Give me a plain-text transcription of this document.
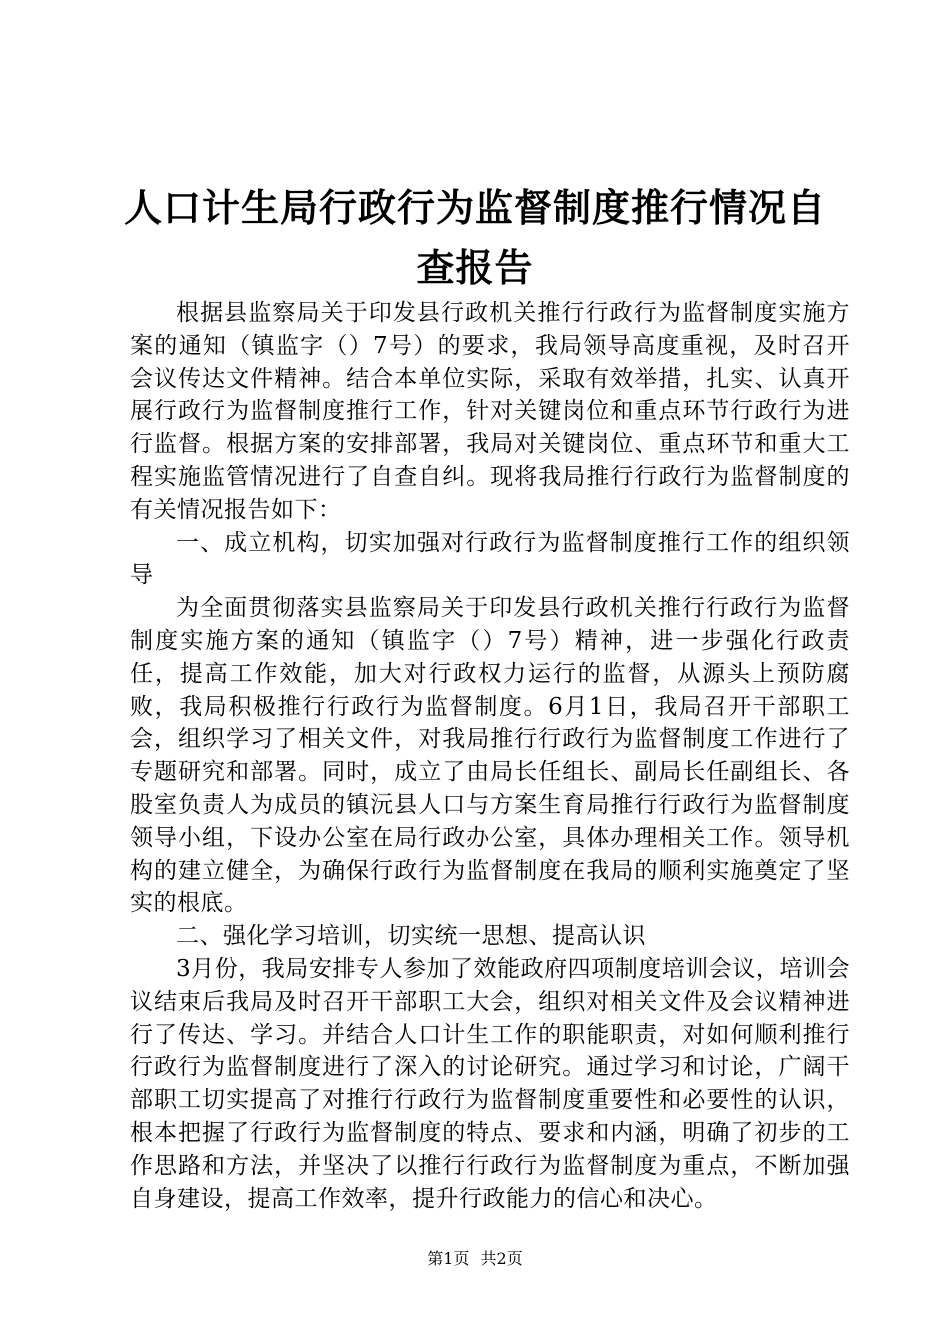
人口计生局行政行为监督制度推行情况自查报告

根据县监察局关于印发县行政机关推行行政行为监督制度实施方案的通知（镇监字（）7号）的要求，我局领导高度重视，及时召开会议传达文件精神。结合本单位实际，采取有效举措，扎实、认真开展行政行为监督制度推行工作，针对关键岗位和重点环节行政行为进行监督。根据方案的安排部署，我局对关键岗位、重点环节和重大工程实施监管情况进行了自查自纠。现将我局推行行政行为监督制度的有关情况报告如下：

一、成立机构，切实加强对行政行为监督制度推行工作的组织领导

为全面贯彻落实县监察局关于印发县行政机关推行行政行为监督制度实施方案的通知（镇监字（）7号）精神，进一步强化行政责任，提高工作效能，加大对行政权力运行的监督，从源头上预防腐败，我局积极推行行政行为监督制度。6月1日，我局召开干部职工会，组织学习了相关文件，对我局推行行政行为监督制度工作进行了专题研究和部署。同时，成立了由局长任组长、副局长任副组长、各股室负责人为成员的镇沅县人口与方案生育局推行行政行为监督制度领导小组，下设办公室在局行政办公室，具体办理相关工作。领导机构的建立健全，为确保行政行为监督制度在我局的顺利实施奠定了坚实的根底。

二、强化学习培训，切实统一思想、提高认识

3月份，我局安排专人参加了效能政府四项制度培训会议，培训会议结束后我局及时召开干部职工大会，组织对相关文件及会议精神进行了传达、学习。并结合人口计生工作的职能职责，对如何顺利推行行政行为监督制度进行了深入的讨论研究。通过学习和讨论，广阔干部职工切实提高了对推行行政行为监督制度重要性和必要性的认识，根本把握了行政行为监督制度的特点、要求和内涵，明确了初步的工作思路和方法，并坚决了以推行行政行为监督制度为重点，不断加强自身建设，提高工作效率，提升行政能力的信心和决心。

第1页 共2页
